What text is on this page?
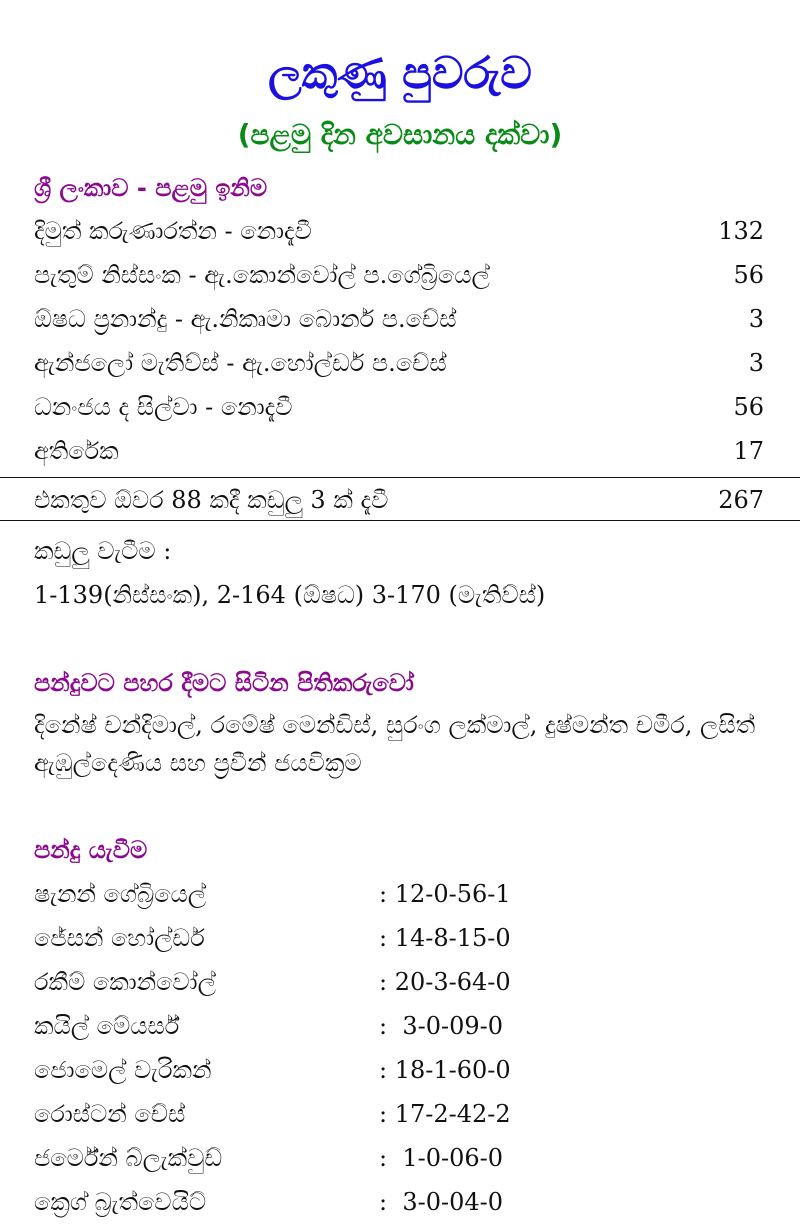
ලකුණු පුවරුව
(පළමු දින අවසානය දක්වා)
ශ්‍රී ලංකාව - පළමු ඉනිම
දිමුත් කරුණාරත්න - නොදැවී	132
පැතුම් නිස්සංක - ඇ.කොන්වෝල් ප.ගේබ්‍රියෙල්	56
ඕෂධ ප්‍රනාන්දු - ඇ.නිකෘමා බොනර් ප.චේස්	3
ඇන්ජලෝ මැතිව්ස් - ඇ.හෝල්ඩර් ප.චේස්	3
ධනංජය ද සිල්වා - නොදැවී	56
අතිරේක	17
එකතුව ඕවර 88 කදී කඩුලු 3 ක් දැවී	267
කඩුලු වැටීම :
1-139(නිස්සංක), 2-164 (ඕෂධ) 3-170 (මැතිව්ස්)
පන්දුවට පහර දීමට සිටින පිතිකරුවෝ
දිනේෂ් චන්දිමාල්, රමේෂ් මෙන්ඩිස්, සුරංග ලක්මාල්, දුෂ්මන්ත චමීර, ලසිත් ඇඹුල්දෙණිය සහ ප්‍රවීන් ජයවික්‍රම
පන්දු යැවීම
ෂැනන් ගේබ්‍රියෙල්	: 12-0-56-1
ජේසන් හෝල්ඩර්	: 14-8-15-0
රකීම් කොන්වෝල්	: 20-3-64-0
කයිල් මේයර්ස්	:  3-0-09-0
ජොමෙල් වැරිකන්	: 18-1-60-0
රොස්ටන් චේස්	: 17-2-42-2
ජර්මේන් බ්ලැක්වුඩ්	:  1-0-06-0
ක්‍රෙග් බ්‍රැත්වෙයිට්	:  3-0-04-0
